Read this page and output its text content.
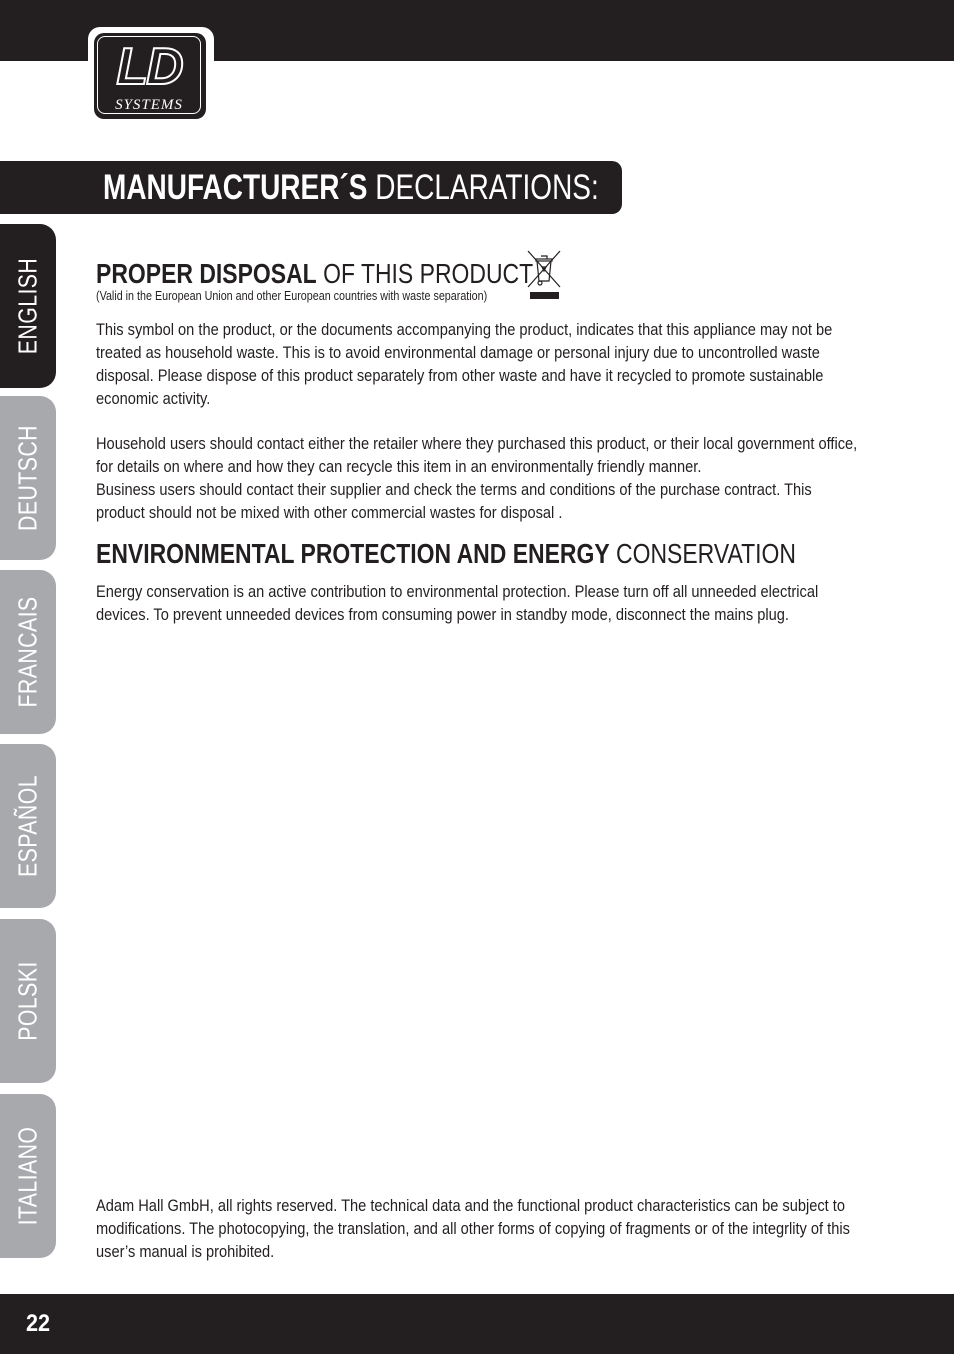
LD
SYSTEMS
MANUFACTURER´S DECLARATIONS:
ENGLISH
DEUTSCH
FRANCAIS
ESPAÑOL
POLSKI
ITALIANO
PROPER DISPOSAL OF THIS PRODUCT
(Valid in the European Union and other European countries with waste separation)

This symbol on the product, or the documents accompanying the product, indicates that this appliance may not be treated as household waste. This is to avoid environmental damage or personal injury due to uncontrolled waste disposal. Please dispose of this product separately from other waste and have it recycled to promote sustainable economic activity.

Household users should contact either the retailer where they purchased this product, or their local government office, for details on where and how they can recycle this item in an environmentally friendly manner.

Business users should contact their supplier and check the terms and conditions of the purchase contract. This product should not be mixed with other commercial wastes for disposal .

ENVIRONMENTAL PROTECTION AND ENERGY CONSERVATION

Energy conservation is an active contribution to environmental protection. Please turn off all unneeded electrical devices. To prevent unneeded devices from consuming power in standby mode, disconnect the mains plug.

Adam Hall GmbH, all rights reserved. The technical data and the functional product characteristics can be subject to modifications. The photocopying, the translation, and all other forms of copying of fragments or of the integrlity of this user’s manual is prohibited.

22
